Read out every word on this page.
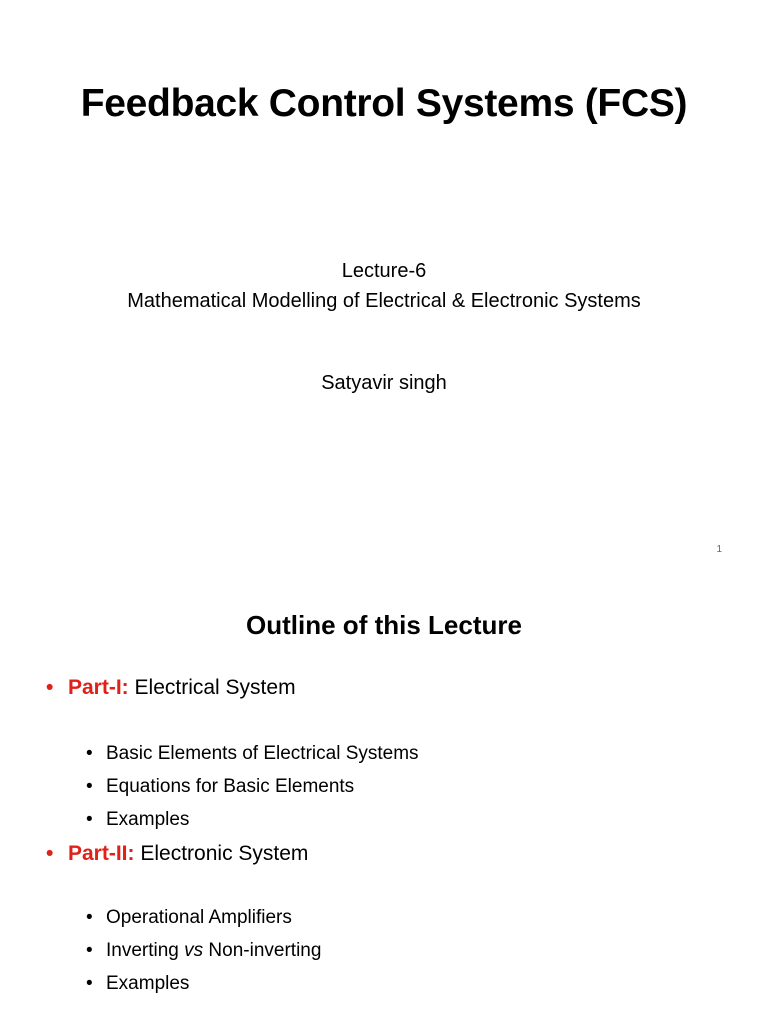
Feedback Control Systems (FCS)
Lecture-6
Mathematical Modelling of Electrical & Electronic Systems
Satyavir singh
1
Outline of this Lecture
• Part-I: Electrical System
• Basic Elements of Electrical Systems
• Equations for Basic Elements
• Examples
• Part-II: Electronic System
• Operational Amplifiers
• Inverting vs Non-inverting
• Examples
